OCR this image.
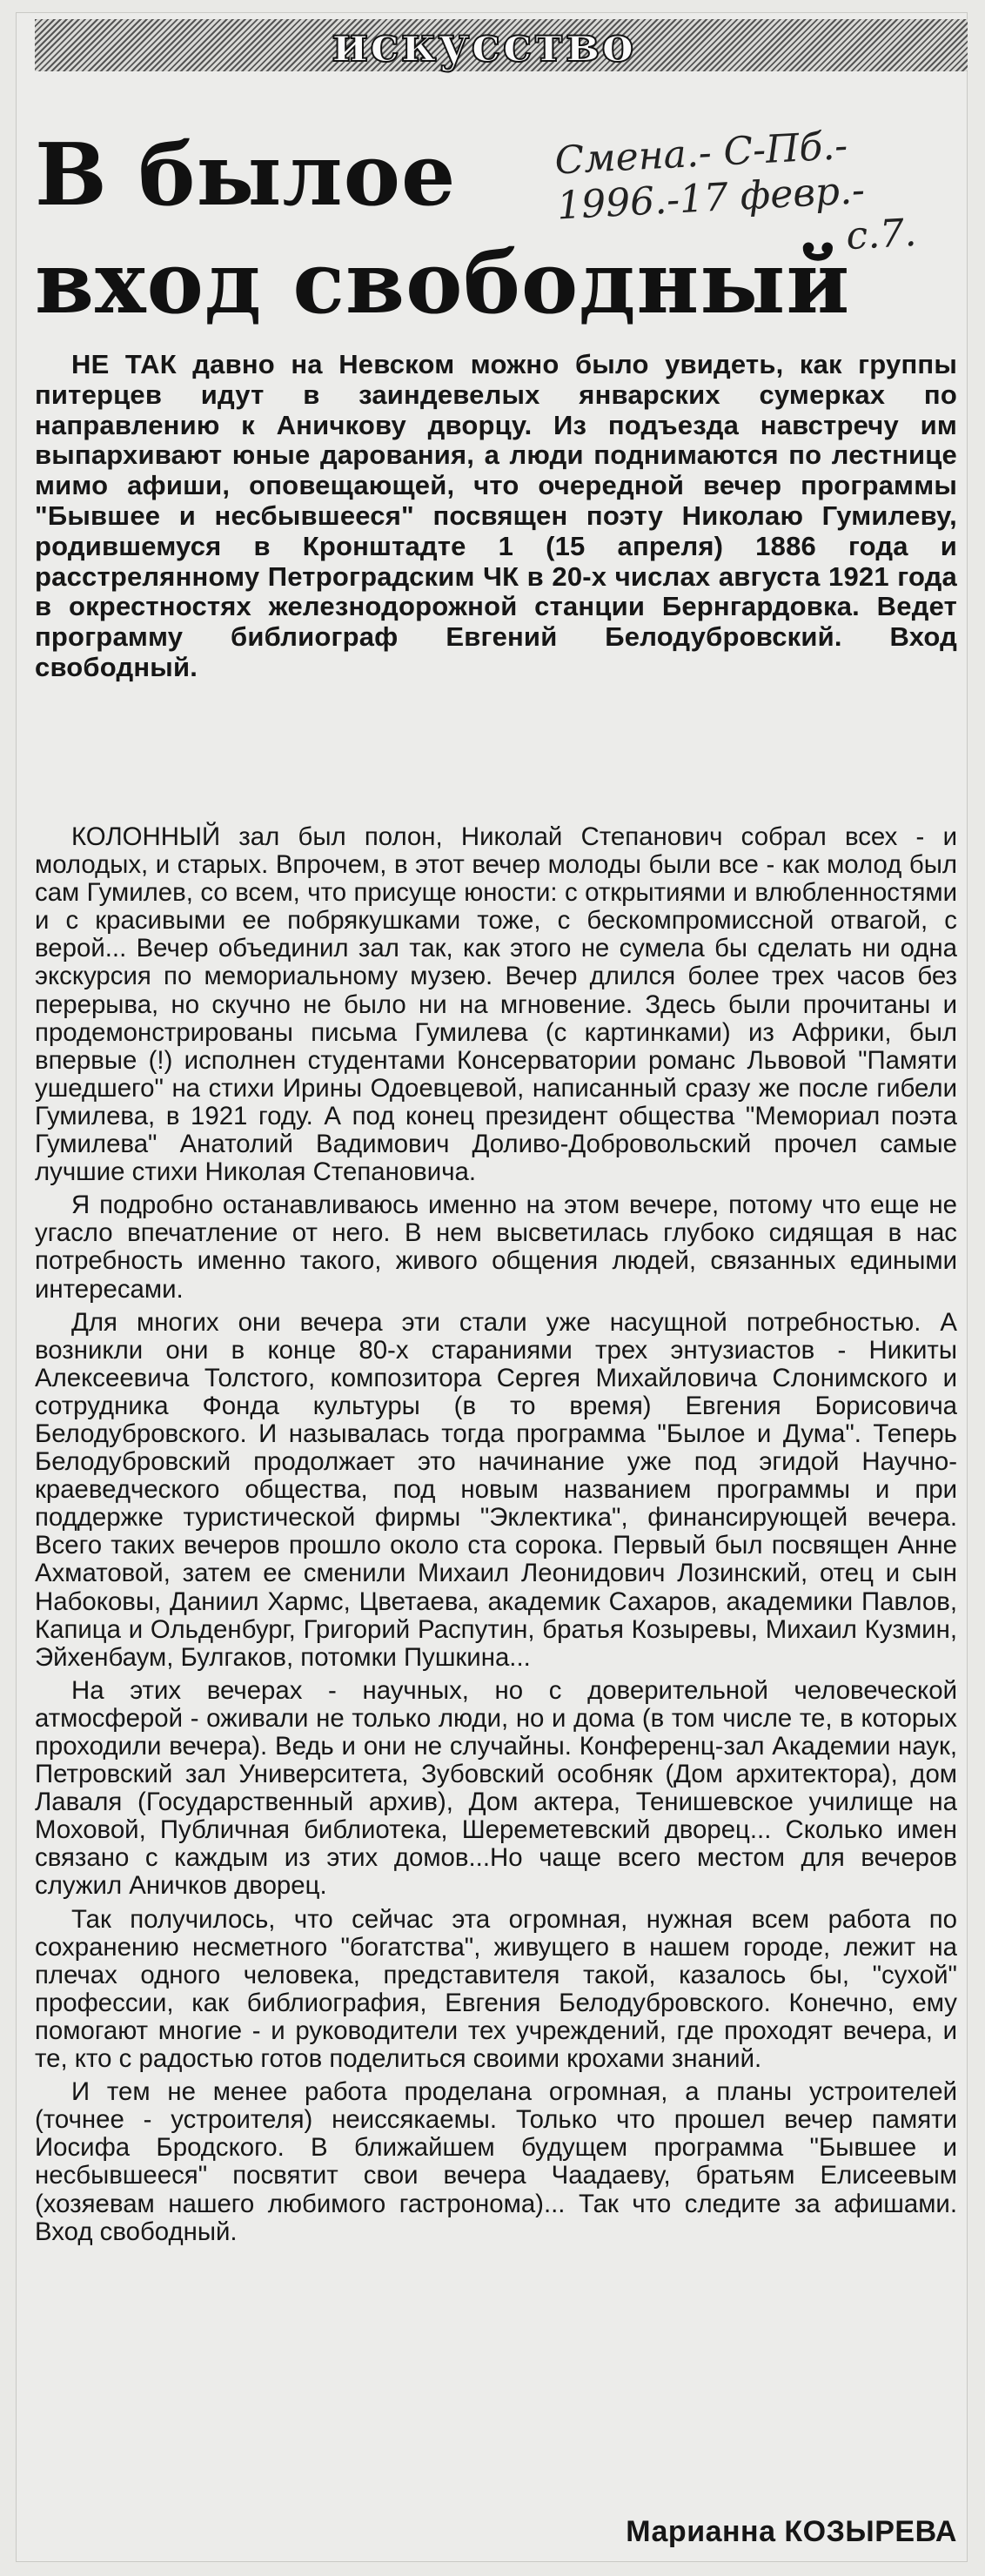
искусство
В былое
вход свободный
Смена.- С-Пб.-
1996.-17 февр.-
с.7.

НЕ ТАК давно на Невском можно было увидеть, как группы питерцев идут в заиндевелых январских сумерках по направлению к Аничкову дворцу. Из подъезда навстречу им выпархивают юные дарования, а люди поднимаются по лестнице мимо афиши, оповещающей, что очередной вечер программы "Бывшее и несбывшееся" посвящен поэту Николаю Гумилеву, родившемуся в Кронштадте 1 (15 апреля) 1886 года и расстрелянному Петроградским ЧК в 20-х числах августа 1921 года в окрестностях железнодорожной станции Бернгардовка. Ведет программу библиограф Евгений Белодубровский. Вход свободный.

КОЛОННЫЙ зал был полон, Николай Степанович собрал всех - и молодых, и старых. Впрочем, в этот вечер молоды были все - как молод был сам Гумилев, со всем, что присуще юности: с открытиями и влюбленностями и с красивыми ее побрякушками тоже, с бескомпромиссной отвагой, с верой... Вечер объединил зал так, как этого не сумела бы сделать ни одна экскурсия по мемориальному музею. Вечер длился более трех часов без перерыва, но скучно не было ни на мгновение. Здесь были прочитаны и продемонстрированы письма Гумилева (с картинками) из Африки, был впервые (!) исполнен студентами Консерватории романс Львовой "Памяти ушедшего" на стихи Ирины Одоевцевой, написанный сразу же после гибели Гумилева, в 1921 году. А под конец президент общества "Мемориал поэта Гумилева" Анатолий Вадимович Доливо-Добровольский прочел самые лучшие стихи Николая Степановича.

Я подробно останавливаюсь именно на этом вечере, потому что еще не угасло впечатление от него. В нем высветилась глубоко сидящая в нас потребность именно такого, живого общения людей, связанных едиными интересами.

Для многих они вечера эти стали уже насущной потребностью. А возникли они в конце 80-х стараниями трех энтузиастов - Никиты Алексеевича Толстого, композитора Сергея Михайловича Слонимского и сотрудника Фонда культуры (в то время) Евгения Борисовича Белодубровского. И называлась тогда программа "Былое и Дума". Теперь Белодубровский продолжает это начинание уже под эгидой Научно-краеведческого общества, под новым названием программы и при поддержке туристической фирмы "Эклектика", финансирующей вечера. Всего таких вечеров прошло около ста сорока. Первый был посвящен Анне Ахматовой, затем ее сменили Михаил Леонидович Лозинский, отец и сын Набоковы, Даниил Хармс, Цветаева, академик Сахаров, академики Павлов, Капица и Ольденбург, Григорий Распутин, братья Козыревы, Михаил Кузмин, Эйхенбаум, Булгаков, потомки Пушкина...

На этих вечерах - научных, но с доверительной человеческой атмосферой - оживали не только люди, но и дома (в том числе те, в которых проходили вечера). Ведь и они не случайны. Конференц-зал Академии наук, Петровский зал Университета, Зубовский особняк (Дом архитектора), дом Лаваля (Государственный архив), Дом актера, Тенишевское училище на Моховой, Публичная библиотека, Шереметевский дворец... Сколько имен связано с каждым из этих домов...Но чаще всего местом для вечеров служил Аничков дворец.

Так получилось, что сейчас эта огромная, нужная всем работа по сохранению несметного "богатства", живущего в нашем городе, лежит на плечах одного человека, представителя такой, казалось бы, "сухой" профессии, как библиография, Евгения Белодубровского. Конечно, ему помогают многие - и руководители тех учреждений, где проходят вечера, и те, кто с радостью готов поделиться своими крохами знаний.

И тем не менее работа проделана огромная, а планы устроителей (точнее - устроителя) неиссякаемы. Только что прошел вечер памяти Иосифа Бродского. В ближайшем будущем программа "Бывшее и несбывшееся" посвятит свои вечера Чаадаеву, братьям Елисеевым (хозяевам нашего любимого гастронома)... Так что следите за афишами. Вход свободный.

Марианна КОЗЫРЕВА
